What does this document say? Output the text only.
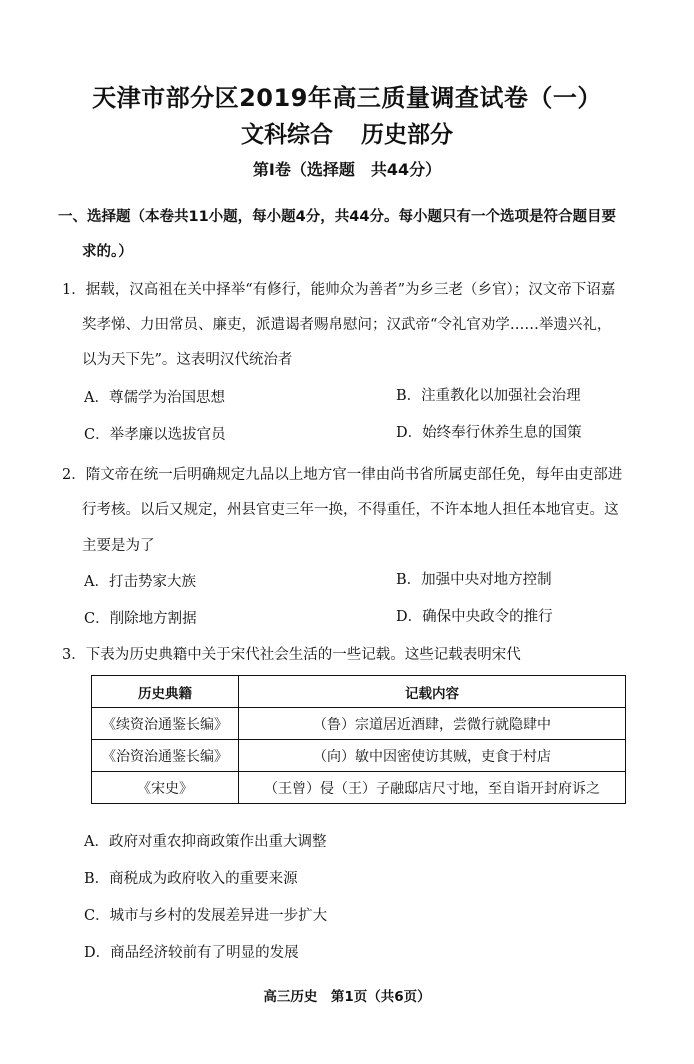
天津市部分区2019年高三质量调查试卷（一）
文科综合 历史部分
第Ⅰ卷（选择题　共44分）
一、选择题（本卷共11小题，每小题4分，共44分。每小题只有一个选项是符合题目要
求的。）
1．据载，汉高祖在关中择举“有修行，能帅众为善者”为乡三老（乡官）；汉文帝下诏嘉
奖孝悌、力田常员、廉吏，派遣谒者赐帛慰问；汉武帝“令礼官劝学……举遗兴礼，
以为天下先”。这表明汉代统治者
A．尊儒学为治国思想	B．注重教化以加强社会治理
C．举孝廉以选拔官员	D．始终奉行休养生息的国策
2．隋文帝在统一后明确规定九品以上地方官一律由尚书省所属吏部任免，每年由吏部进
行考核。以后又规定，州县官吏三年一换，不得重任，不许本地人担任本地官吏。这
主要是为了
A．打击势家大族	B．加强中央对地方控制
C．削除地方割据	D．确保中央政令的推行
3．下表为历史典籍中关于宋代社会生活的一些记载。这些记载表明宋代
历史典籍	记载内容
《续资治通鉴长编》	（鲁）宗道居近酒肆，尝微行就隐肆中
《治资治通鉴长编》	（向）敏中因密使访其贼，吏食于村店
《宋史》	（王曾）侵（王）子融邸店尺寸地，至自诣开封府诉之
A．政府对重农抑商政策作出重大调整
B．商税成为政府收入的重要来源
C．城市与乡村的发展差异进一步扩大
D．商品经济较前有了明显的发展
高三历史　第1页（共6页）
